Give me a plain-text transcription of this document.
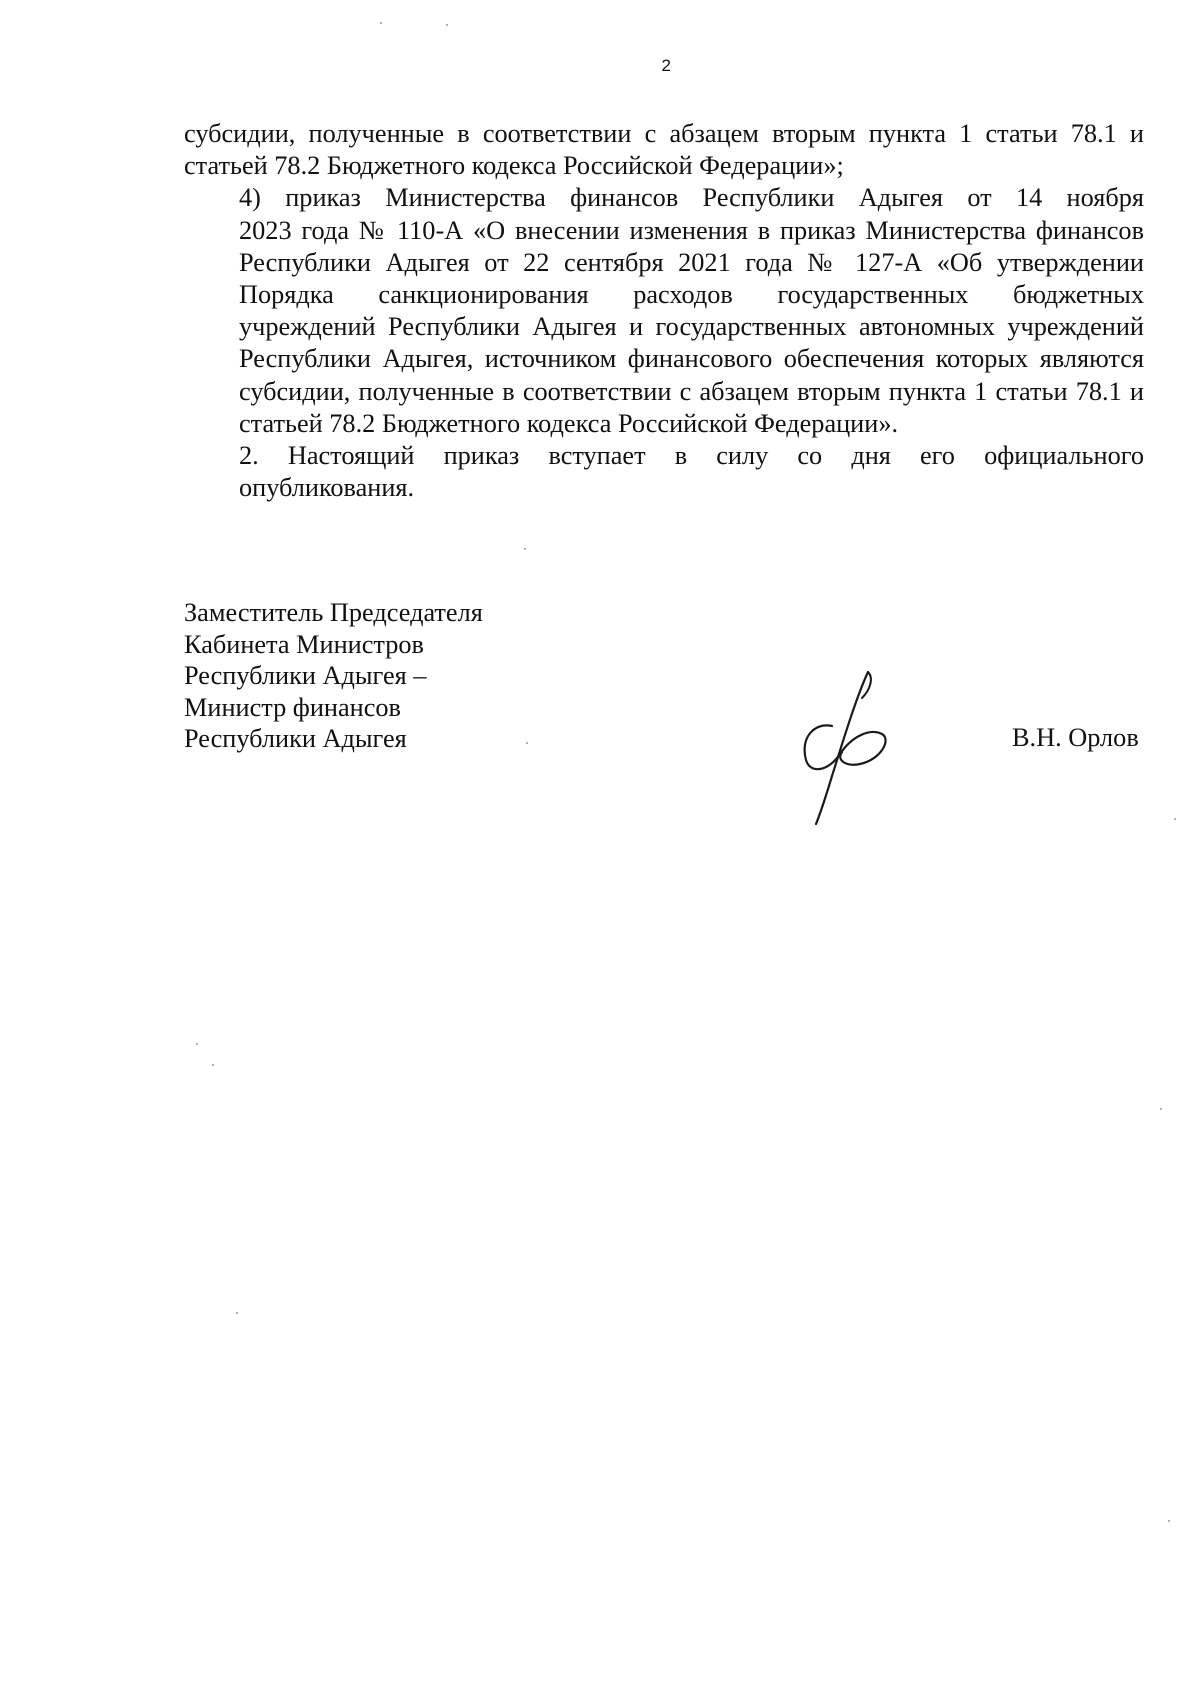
2

субсидии, полученные в соответствии с абзацем вторым пункта 1 статьи 78.1 и
статьей 78.2 Бюджетного кодекса Российской Федерации»;

4) приказ Министерства финансов Республики Адыгея от 14 ноября
2023 года № 110-А «О внесении изменения в приказ Министерства финансов
Республики Адыгея от 22 сентября 2021 года № 127-А «Об утверждении
Порядка санкционирования расходов государственных бюджетных
учреждений Республики Адыгея и государственных автономных учреждений
Республики Адыгея, источником финансового обеспечения которых являются
субсидии, полученные в соответствии с абзацем вторым пункта 1 статьи 78.1 и
статьей 78.2 Бюджетного кодекса Российской Федерации».

2. Настоящий приказ вступает в силу со дня его официального
опубликования.

Заместитель Председателя
Кабинета Министров
Республики Адыгея –
Министр финансов
Республики Адыгея	В.Н. Орлов
